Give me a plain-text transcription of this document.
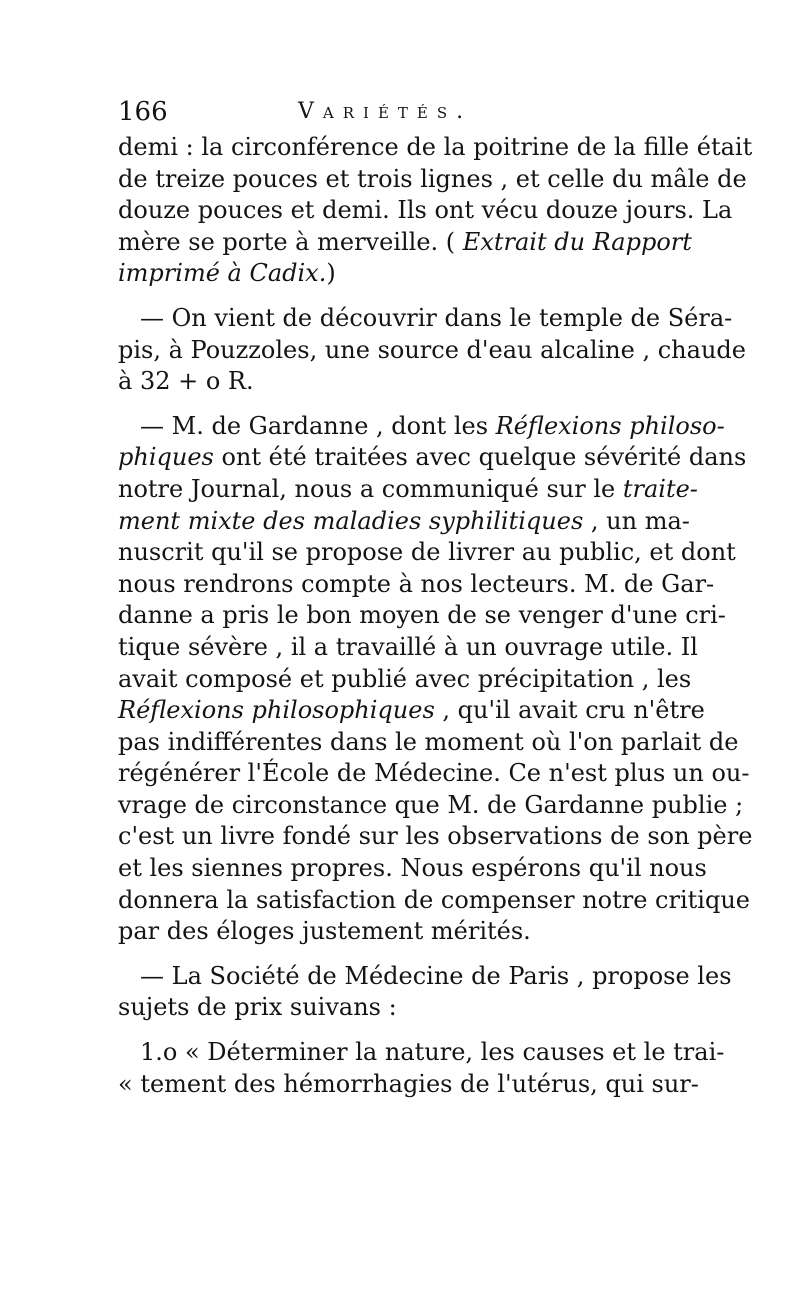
166	Variétés.
demi : la circonférence de la poitrine de la fille était
de treize pouces et trois lignes , et celle du mâle de
douze pouces et demi. Ils ont vécu douze jours. La
mère se porte à merveille. ( Extrait du Rapport
imprimé à Cadix.)
— On vient de découvrir dans le temple de Séra-
pis, à Pouzzoles, une source d'eau alcaline , chaude
à 32 + o R.
— M. de Gardanne , dont les Réflexions philoso-
phiques ont été traitées avec quelque sévérité dans
notre Journal, nous a communiqué sur le traite-
ment mixte des maladies syphilitiques , un ma-
nuscrit qu'il se propose de livrer au public, et dont
nous rendrons compte à nos lecteurs. M. de Gar-
danne a pris le bon moyen de se venger d'une cri-
tique sévère , il a travaillé à un ouvrage utile. Il
avait composé et publié avec précipitation , les
Réflexions philosophiques , qu'il avait cru n'être
pas indifférentes dans le moment où l'on parlait de
régénérer l'École de Médecine. Ce n'est plus un ou-
vrage de circonstance que M. de Gardanne publie ;
c'est un livre fondé sur les observations de son père
et les siennes propres. Nous espérons qu'il nous
donnera la satisfaction de compenser notre critique
par des éloges justement mérités.
— La Société de Médecine de Paris , propose les
sujets de prix suivans :
1.o « Déterminer la nature, les causes et le trai-
« tement des hémorrhagies de l'utérus, qui sur-
